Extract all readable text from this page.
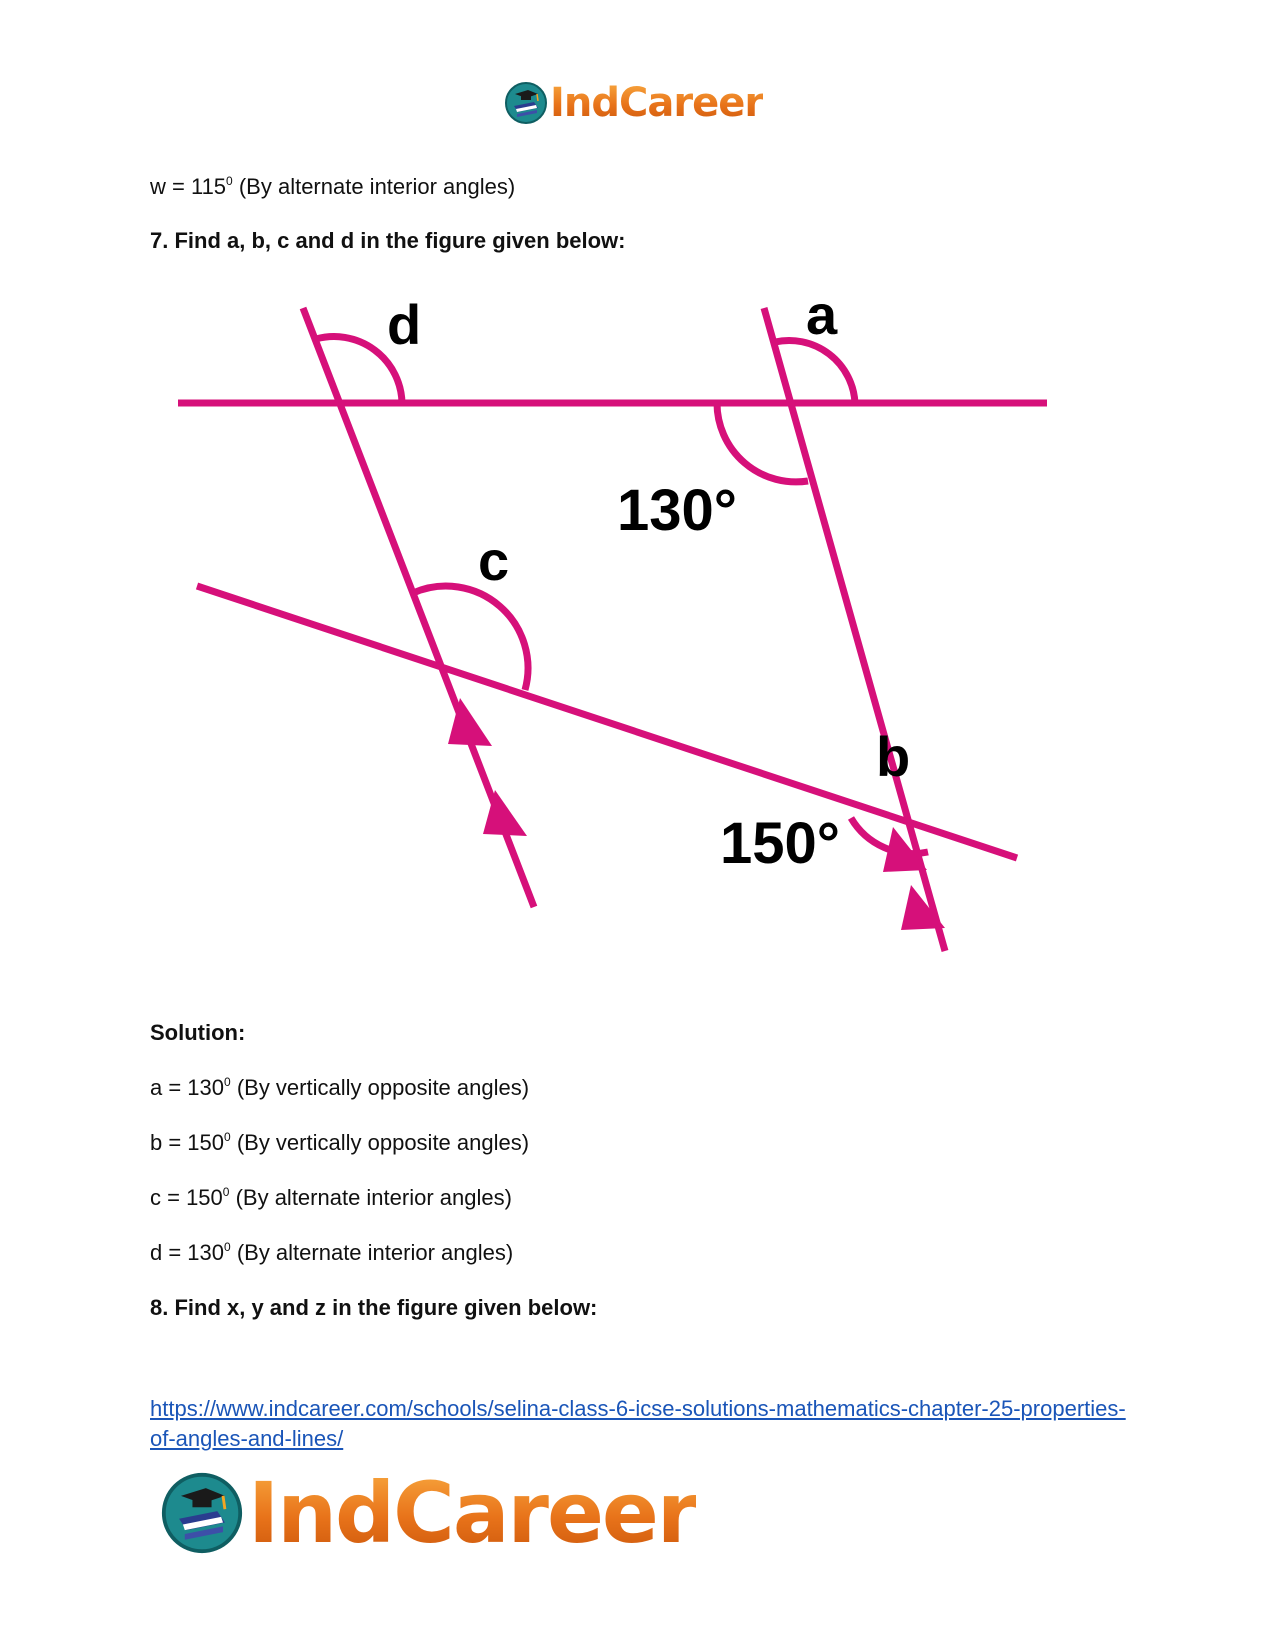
IndCareer

$w = 115^0$ (By alternate interior angles)

7. Find a, b, c and d in the figure given below:

d	a
c
b
130°
150°

Solution:

$a = 130^0$ (By vertically opposite angles)

$b = 150^0$ (By vertically opposite angles)

$c = 150^0$ (By alternate interior angles)

$d = 130^0$ (By alternate interior angles)

8. Find x, y and z in the figure given below:

https://www.indcareer.com/schools/selina-class-6-icse-solutions-mathematics-chapter-25-properties-of-angles-and-lines/
IndCareer
